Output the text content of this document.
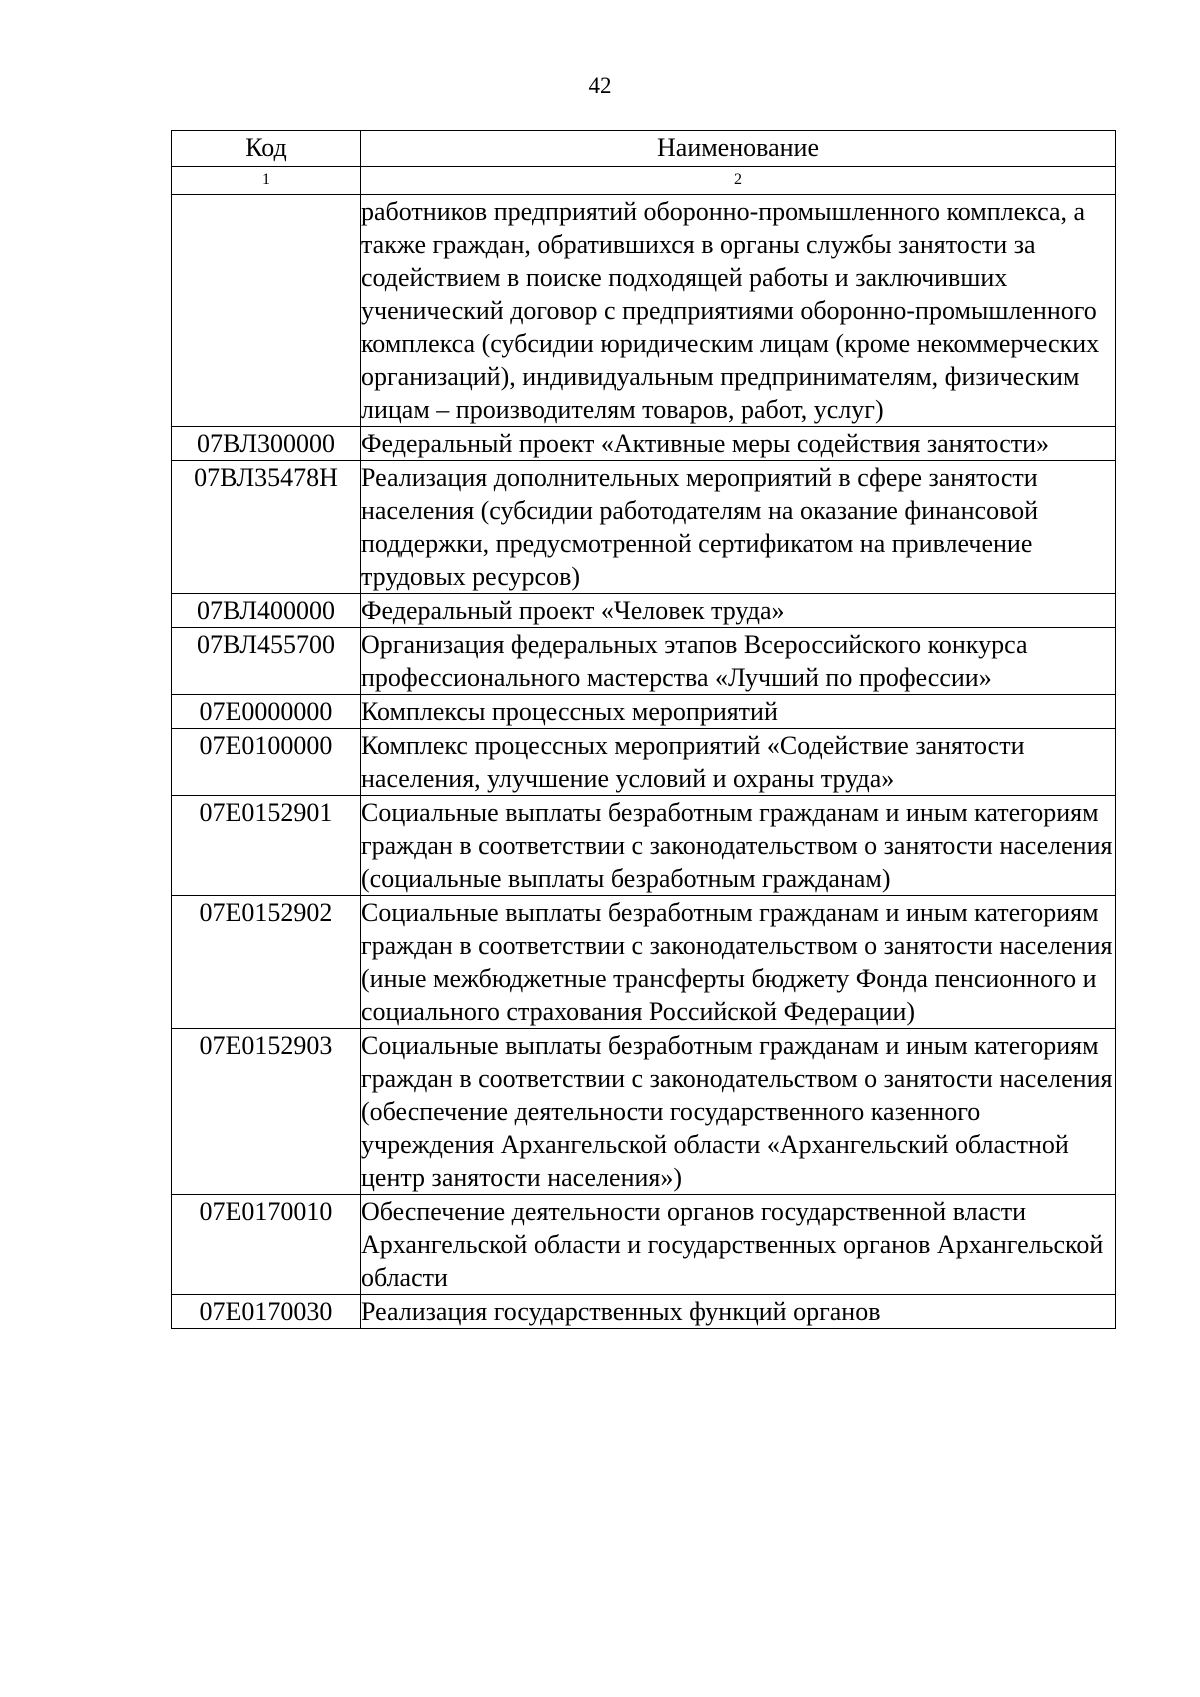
42
Код	Наименование
1	2
	работников предприятий оборонно-промышленного комплекса, а также граждан, обратившихся в органы службы занятости за содействием в поиске подходящей работы и заключивших ученический договор с предприятиями оборонно-промышленного комплекса (субсидии юридическим лицам (кроме некоммерческих организаций), индивидуальным предпринимателям, физическим лицам – производителям товаров, работ, услуг)
07ВЛ300000	Федеральный проект «Активные меры содействия занятости»
07ВЛ35478Н	Реализация дополнительных мероприятий в сфере занятости населения (субсидии работодателям на оказание финансовой поддержки, предусмотренной сертификатом на привлечение трудовых ресурсов)
07ВЛ400000	Федеральный проект «Человек труда»
07ВЛ455700	Организация федеральных этапов Всероссийского конкурса профессионального мастерства «Лучший по профессии»
07Е0000000	Комплексы процессных мероприятий
07Е0100000	Комплекс процессных мероприятий «Содействие занятости населения, улучшение условий и охраны труда»
07Е0152901	Социальные выплаты безработным гражданам и иным категориям граждан в соответствии с законодательством о занятости населения (социальные выплаты безработным гражданам)
07Е0152902	Социальные выплаты безработным гражданам и иным категориям граждан в соответствии с законодательством о занятости населения (иные межбюджетные трансферты бюджету Фонда пенсионного и социального страхования Российской Федерации)
07Е0152903	Социальные выплаты безработным гражданам и иным категориям граждан в соответствии с законодательством о занятости населения (обеспечение деятельности государственного казенного учреждения Архангельской области «Архангельский областной центр занятости населения»)
07Е0170010	Обеспечение деятельности органов государственной власти Архангельской области и государственных органов Архангельской области
07Е0170030	Реализация государственных функций органов
